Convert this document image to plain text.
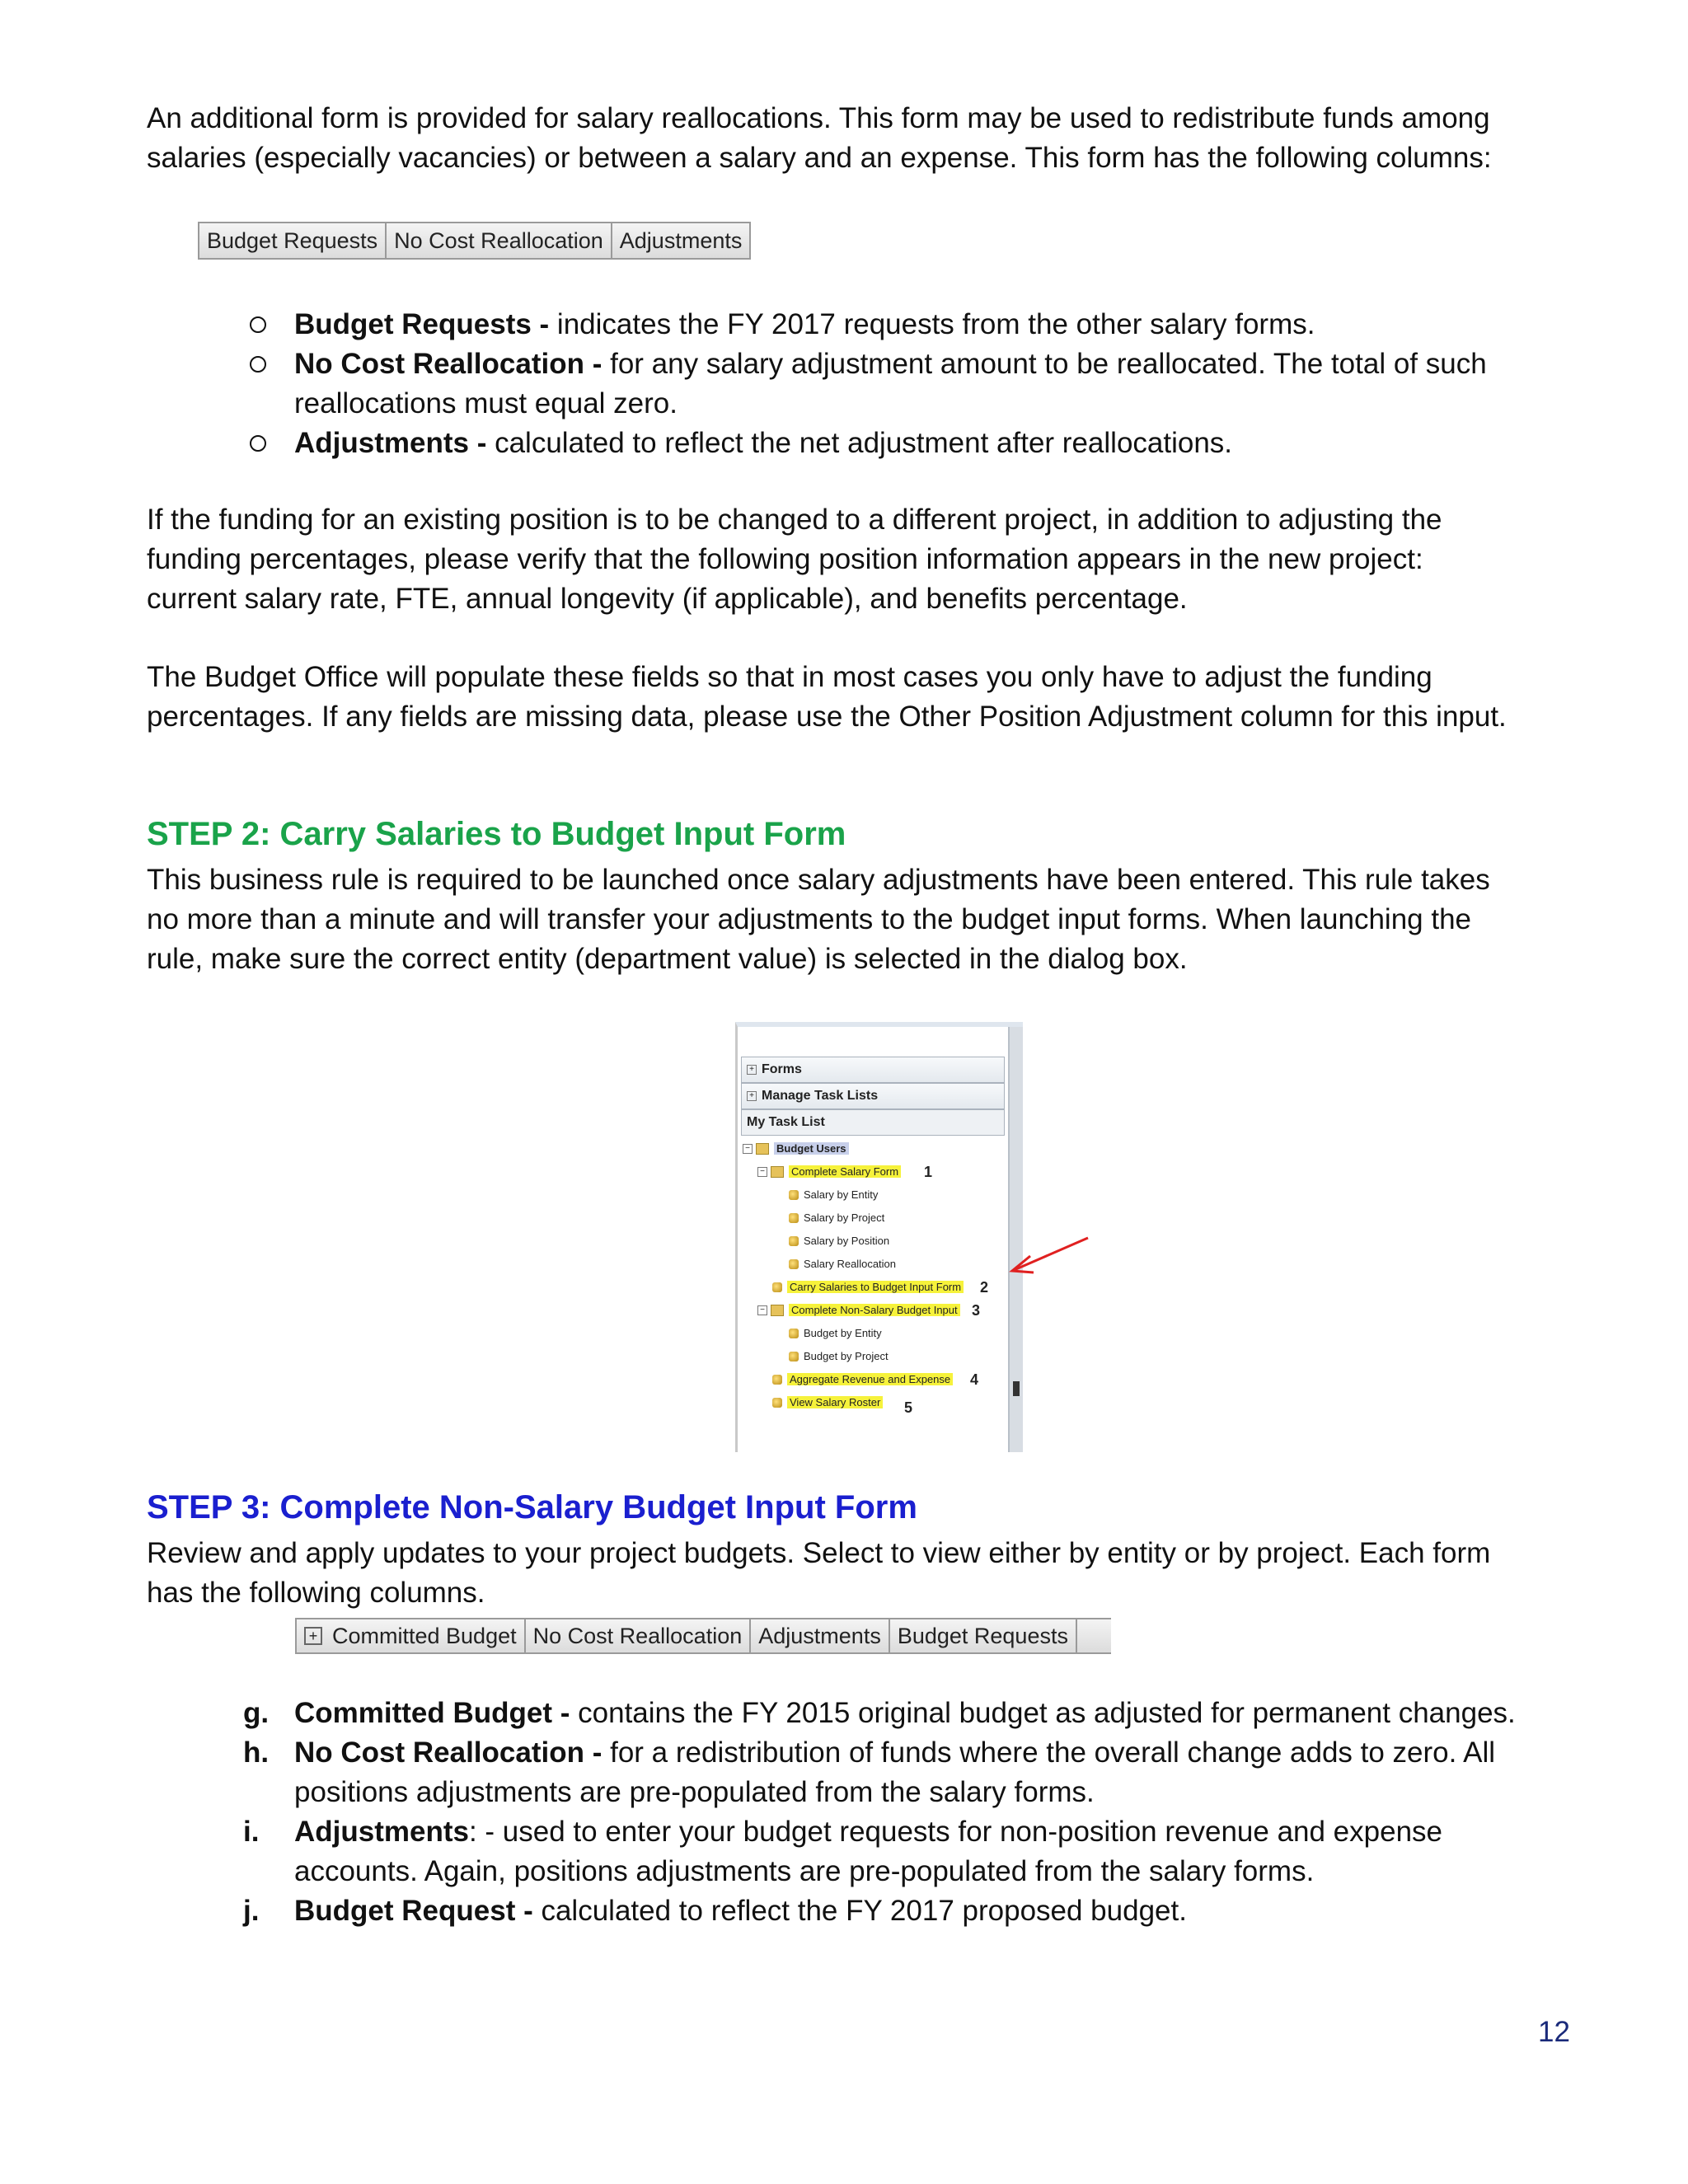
An additional form is provided for salary reallocations. This form may be used to redistribute funds among
salaries (especially vacancies) or between a salary and an expense. This form has the following columns:

Budget Requests No Cost Reallocation Adjustments
Budget Requests - indicates the FY 2017 requests from the other salary forms.
No Cost Reallocation - for any salary adjustment amount to be reallocated. The total of such
reallocations must equal zero.
Adjustments - calculated to reflect the net adjustment after reallocations.

If the funding for an existing position is to be changed to a different project, in addition to adjusting the
funding percentages, please verify that the following position information appears in the new project:
current salary rate, FTE, annual longevity (if applicable), and benefits percentage.

The Budget Office will populate these fields so that in most cases you only have to adjust the funding
percentages. If any fields are missing data, please use the Other Position Adjustment column for this input.

STEP 2: Carry Salaries to Budget Input Form

This business rule is required to be launched once salary adjustments have been entered. This rule takes
no more than a minute and will transfer your adjustments to the budget input forms. When launching the
rule, make sure the correct entity (department value) is selected in the dialog box.

+ Forms
+ Manage Task Lists
My Task List
− Budget Users
− Complete Salary Form 1
Salary by Entity
Salary by Project
Salary by Position
Salary Reallocation
Carry Salaries to Budget Input Form 2
− Complete Non-Salary Budget Input 3
Budget by Entity
Budget by Project
Aggregate Revenue and Expense 4
View Salary Roster 5
STEP 3: Complete Non-Salary Budget Input Form

Review and apply updates to your project budgets. Select to view either by entity or by project. Each form
has the following columns.

+ Committed Budget No Cost Reallocation Adjustments Budget Requests
g. Committed Budget - contains the FY 2015 original budget as adjusted for permanent changes.
h. No Cost Reallocation - for a redistribution of funds where the overall change adds to zero. All
positions adjustments are pre-populated from the salary forms.
i.	Adjustments: - used to enter your budget requests for non-position revenue and expense
accounts. Again, positions adjustments are pre-populated from the salary forms.
j.	Budget Request - calculated to reflect the FY 2017 proposed budget.
12
